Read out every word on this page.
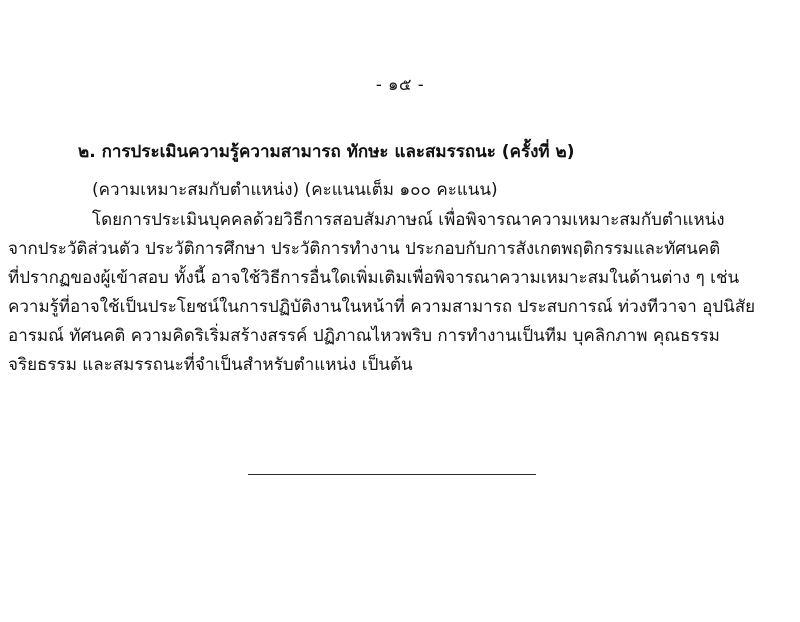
- ๑๕ -
๒. การประเมินความรู้ความสามารถ ทักษะ และสมรรถนะ (ครั้งที่ ๒)
(ความเหมาะสมกับตำแหน่ง) (คะแนนเต็ม ๑๐๐ คะแนน)
โดยการประเมินบุคคลด้วยวิธีการสอบสัมภาษณ์ เพื่อพิจารณาความเหมาะสมกับตำแหน่ง
จากประวัติส่วนตัว ประวัติการศึกษา ประวัติการทำงาน ประกอบกับการสังเกตพฤติกรรมและทัศนคติ
ที่ปรากฏของผู้เข้าสอบ ทั้งนี้ อาจใช้วิธีการอื่นใดเพิ่มเติมเพื่อพิจารณาความเหมาะสมในด้านต่าง ๆ เช่น
ความรู้ที่อาจใช้เป็นประโยชน์ในการปฏิบัติงานในหน้าที่ ความสามารถ ประสบการณ์ ท่วงทีวาจา อุปนิสัย
อารมณ์ ทัศนคติ ความคิดริเริ่มสร้างสรรค์ ปฏิภาณไหวพริบ การทำงานเป็นทีม บุคลิกภาพ คุณธรรม
จริยธรรม และสมรรถนะที่จำเป็นสำหรับตำแหน่ง เป็นต้น
